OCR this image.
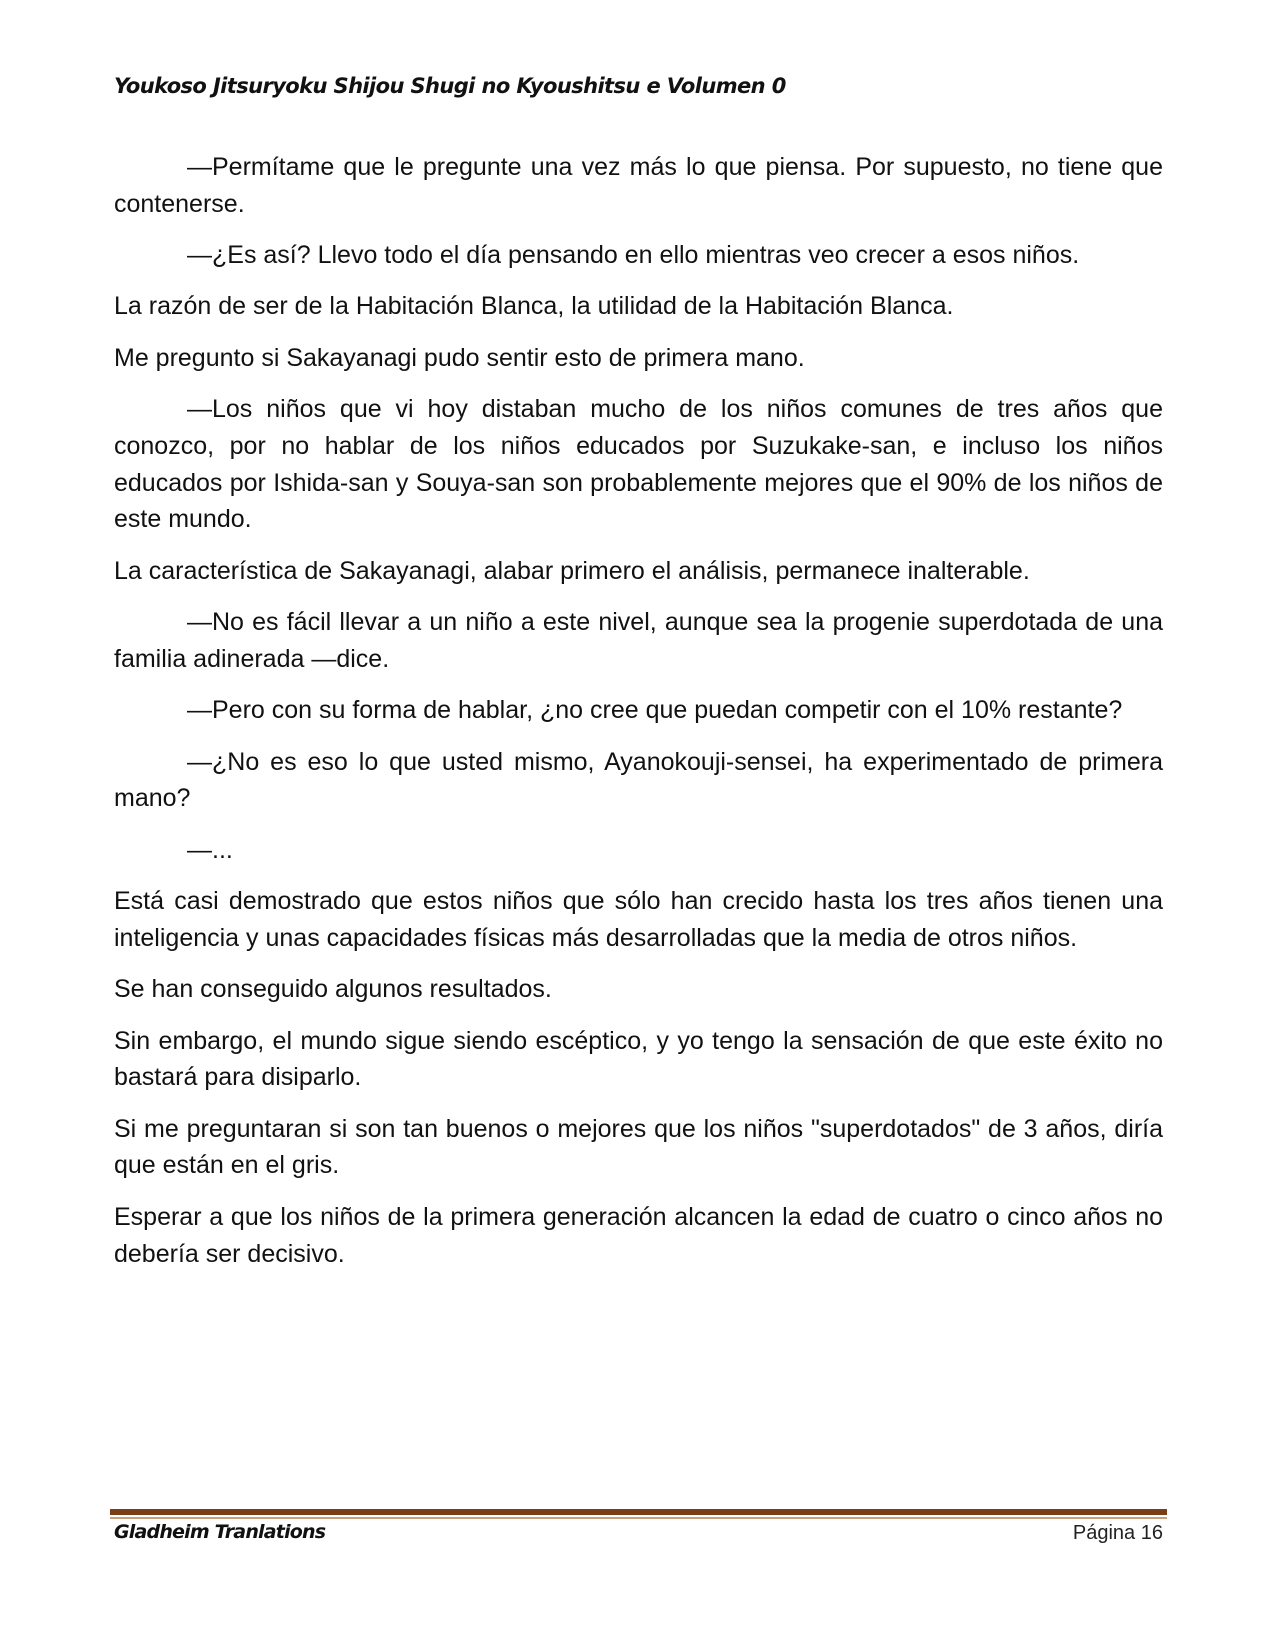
Youkoso Jitsuryoku Shijou Shugi no Kyoushitsu e Volumen 0

—Permítame que le pregunte una vez más lo que piensa. Por supuesto, no tiene que contenerse.

—¿Es así? Llevo todo el día pensando en ello mientras veo crecer a esos niños.

La razón de ser de la Habitación Blanca, la utilidad de la Habitación Blanca.

Me pregunto si Sakayanagi pudo sentir esto de primera mano.

—Los niños que vi hoy distaban mucho de los niños comunes de tres años que conozco, por no hablar de los niños educados por Suzukake-san, e incluso los niños educados por Ishida-san y Souya-san son probablemente mejores que el 90% de los niños de este mundo.

La característica de Sakayanagi, alabar primero el análisis, permanece inalterable.

—No es fácil llevar a un niño a este nivel, aunque sea la progenie superdotada de una familia adinerada —dice.

—Pero con su forma de hablar, ¿no cree que puedan competir con el 10% restante?

—¿No es eso lo que usted mismo, Ayanokouji-sensei, ha experimentado de primera mano?

—...

Está casi demostrado que estos niños que sólo han crecido hasta los tres años tienen una inteligencia y unas capacidades físicas más desarrolladas que la media de otros niños.

Se han conseguido algunos resultados.

Sin embargo, el mundo sigue siendo escéptico, y yo tengo la sensación de que este éxito no bastará para disiparlo.

Si me preguntaran si son tan buenos o mejores que los niños "superdotados" de 3 años, diría que están en el gris.

Esperar a que los niños de la primera generación alcancen la edad de cuatro o cinco años no debería ser decisivo.

Gladheim Tranlations	Página 16
